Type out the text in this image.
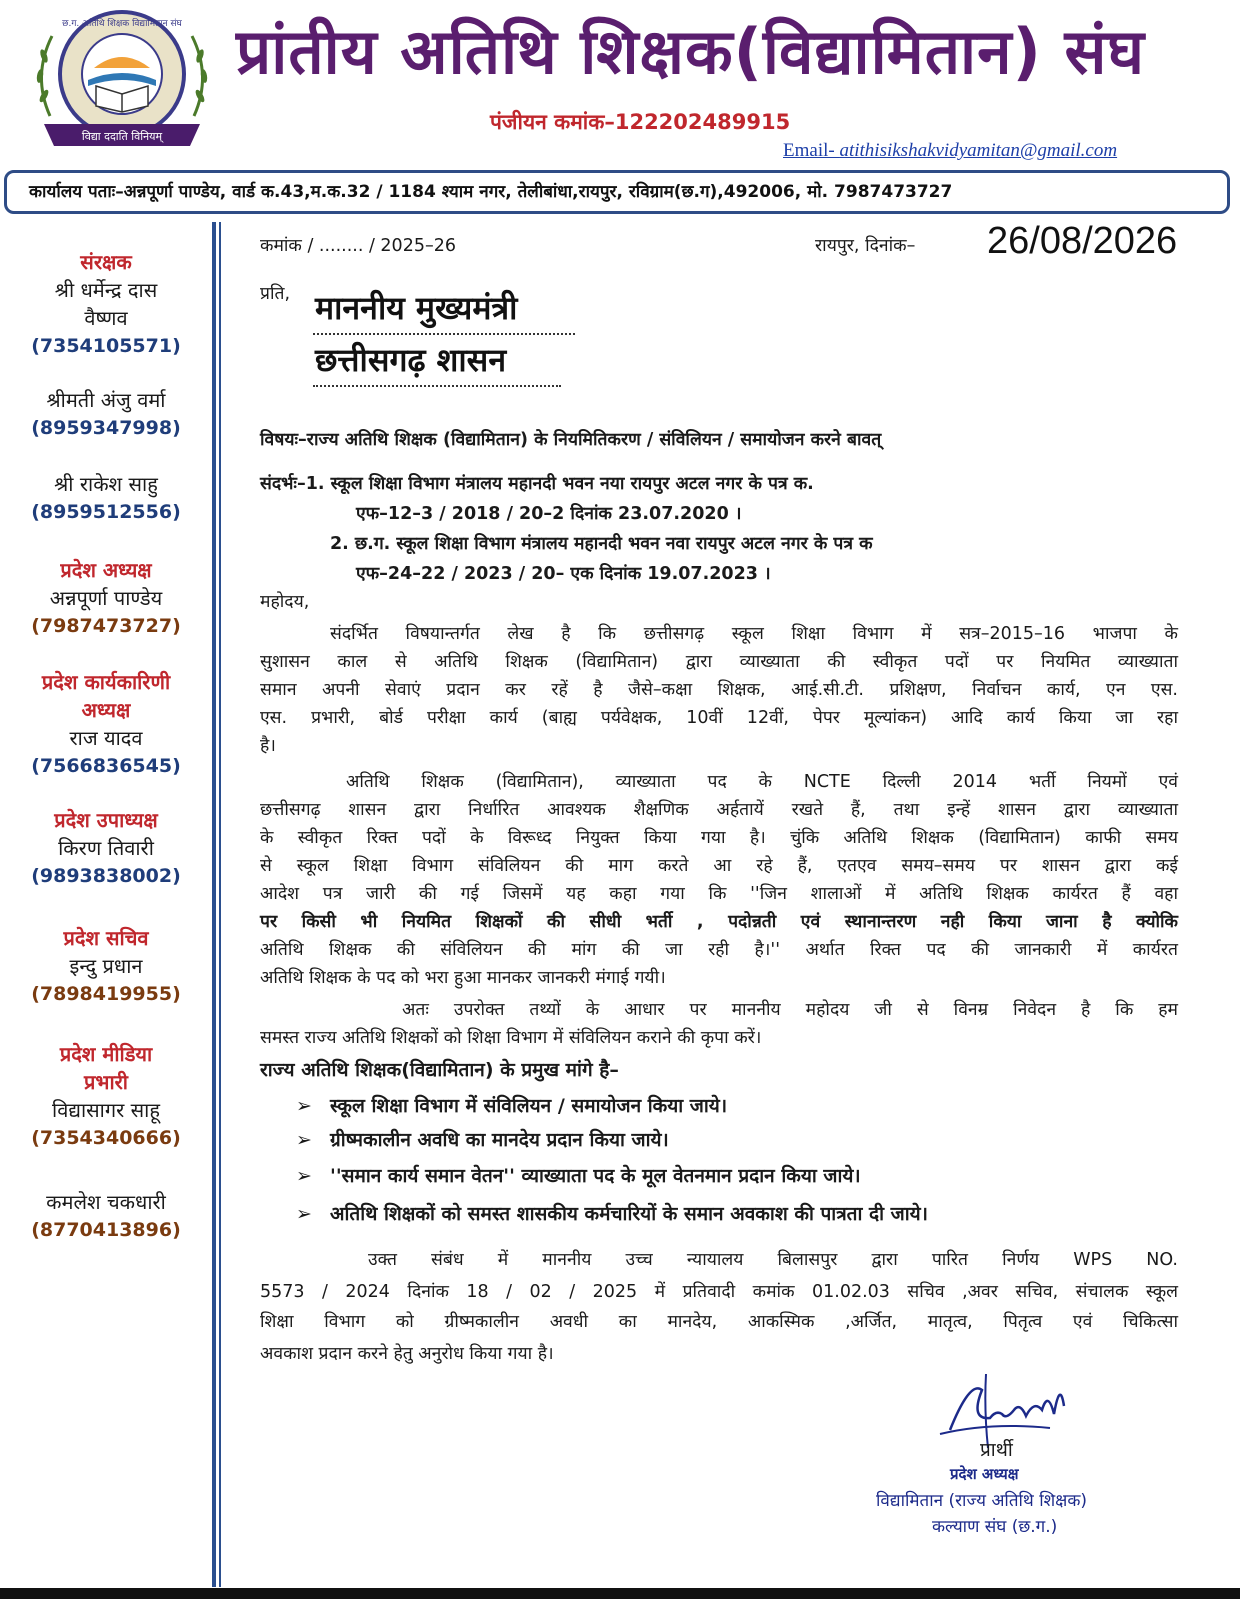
विद्या ददाति विनियम्
छ.ग. अतिथि शिक्षक विद्यामितान संघ प्रांतीय अतिथि शिक्षक(विद्यामितान) संघ
पंजीयन कमांक–12220248991‍5
Email- atithisikshakvidyamitan@gmail.com
कार्यालय पताः–अन्नपूर्णा पाण्डेय, वार्ड क.43,म.क.32 / 1184 श्याम नगर, तेलीबांधा,रायपुर, रविग्राम(छ.ग),492006, मो. 7987473727
संरक्षक
श्री धर्मेन्द्र दास
वैष्णव
(7354105571)
श्रीमती अंजु वर्मा
(8959347998)
श्री राकेश साहु
(8959512556)
प्रदेश अध्यक्ष
अन्नपूर्णा पाण्डेय
(7987473727)
प्रदेश कार्यकारिणी
अध्यक्ष
राज यादव
(7566836545)
प्रदेश उपाध्यक्ष
किरण तिवारी
(9893838002)
प्रदेश सचिव
इन्दु प्रधान
(7898419955)
प्रदेश मीडिया
प्रभारी
विद्यासागर साहू
(7354340666)
कमलेश चकधारी
(8770413896)
कमांक / ........ / 2025–26	रायपुर, दिनांक– 26/08/2026
प्रति, माननीय मुख्यमंत्री
छत्तीसगढ़ शासन
विषयः–राज्य अतिथि शिक्षक (विद्यामितान) के नियमितिकरण / संविलियन / समायोजन करने बावत्
संदर्भः–1. स्कूल शिक्षा विभाग मंत्रालय महानदी भवन नया रायपुर अटल नगर के पत्र क.
एफ–12–3 / 2018 / 20–2 दिनांक 23.07.2020 ।
2. छ.ग. स्कूल शिक्षा विभाग मंत्रालय महानदी भवन नवा रायपुर अटल नगर के पत्र क
एफ–24–22 / 2023 / 20– एक दिनांक 19.07.2023 ।
महोदय,
संदर्भित विषयान्तर्गत लेख है कि छत्तीसगढ़ स्कूल शिक्षा विभाग में सत्र–2015–16 भाजपा के
सुशासन काल से अतिथि शिक्षक (विद्यामितान) द्वारा व्याख्याता की स्वीकृत पदों पर नियमित व्याख्याता
समान अपनी सेवाएं प्रदान कर रहें है जैसे–कक्षा शिक्षक, आई.सी.टी. प्रशिक्षण, निर्वाचन कार्य, एन एस.
एस. प्रभारी, बोर्ड परीक्षा कार्य (बाह्य पर्यवेक्षक, 10वीं 12वीं, पेपर मूल्यांकन) आदि कार्य किया जा रहा
है।
अतिथि शिक्षक (विद्यामितान), व्याख्याता पद के NCTE दिल्ली 2014 भर्ती नियमों एवं
छत्तीसगढ़ शासन द्वारा निर्धारित आवश्यक शैक्षणिक अर्हतायें रखते हैं, तथा इन्हें शासन द्वारा व्याख्याता
के स्वीकृत रिक्त पदों के विरूध्द नियुक्त किया गया है। चुंकि अतिथि शिक्षक (विद्यामितान) काफी समय
से स्कूल शिक्षा विभाग संविलियन की माग करते आ रहे हैं, एतएव समय–समय पर शासन द्वारा कई
आदेश पत्र जारी की गई जिसमें यह कहा गया कि ''जिन शालाओं में अतिथि शिक्षक कार्यरत हैं वहा
पर किसी भी नियमित शिक्षकों की सीधी भर्ती , पदोन्नती एवं स्थानान्तरण नही किया जाना है क्योकि
अतिथि शिक्षक की संविलियन की मांग की जा रही है।'' अर्थात रिक्त पद की जानकारी में कार्यरत
अतिथि शिक्षक के पद को भरा हुआ मानकर जानकरी मंगाई गयी।
अतः उपरोक्त तथ्यों के आधार पर माननीय महोदय जी से विनम्र निवेदन है कि हम
समस्त राज्य अतिथि शिक्षकों को शिक्षा विभाग में संविलियन कराने की कृपा करें।
राज्य अतिथि शिक्षक(विद्यामितान) के प्रमुख मांगे है–
➢ स्कूल शिक्षा विभाग में संविलियन / समायोजन किया जाये।
➢ ग्रीष्मकालीन अवधि का मानदेय प्रदान किया जाये।
➢ ''समान कार्य समान वेतन'' व्याख्याता पद के मूल वेतनमान प्रदान किया जाये।
➢ अतिथि शिक्षकों को समस्त शासकीय कर्मचारियों के समान अवकाश की पात्रता दी जाये।
उक्त संबंध में माननीय उच्च न्यायालय बिलासपुर द्वारा पारित निर्णय WPS NO.
5573 / 2024 दिनांक 18 / 02 / 2025 में प्रतिवादी कमांक 01.02.03 सचिव ,अवर सचिव, संचालक स्कूल
शिक्षा विभाग को ग्रीष्मकालीन अवधी का मानदेय, आकस्मिक ,अर्जित, मातृत्व, पितृत्व एवं चिकित्सा
अवकाश प्रदान करने हेतु अनुरोध किया गया है।
प्रार्थी
प्रदेश अध्यक्ष
विद्यामितान (राज्य अतिथि शिक्षक)
कल्याण संघ (छ.ग.)
